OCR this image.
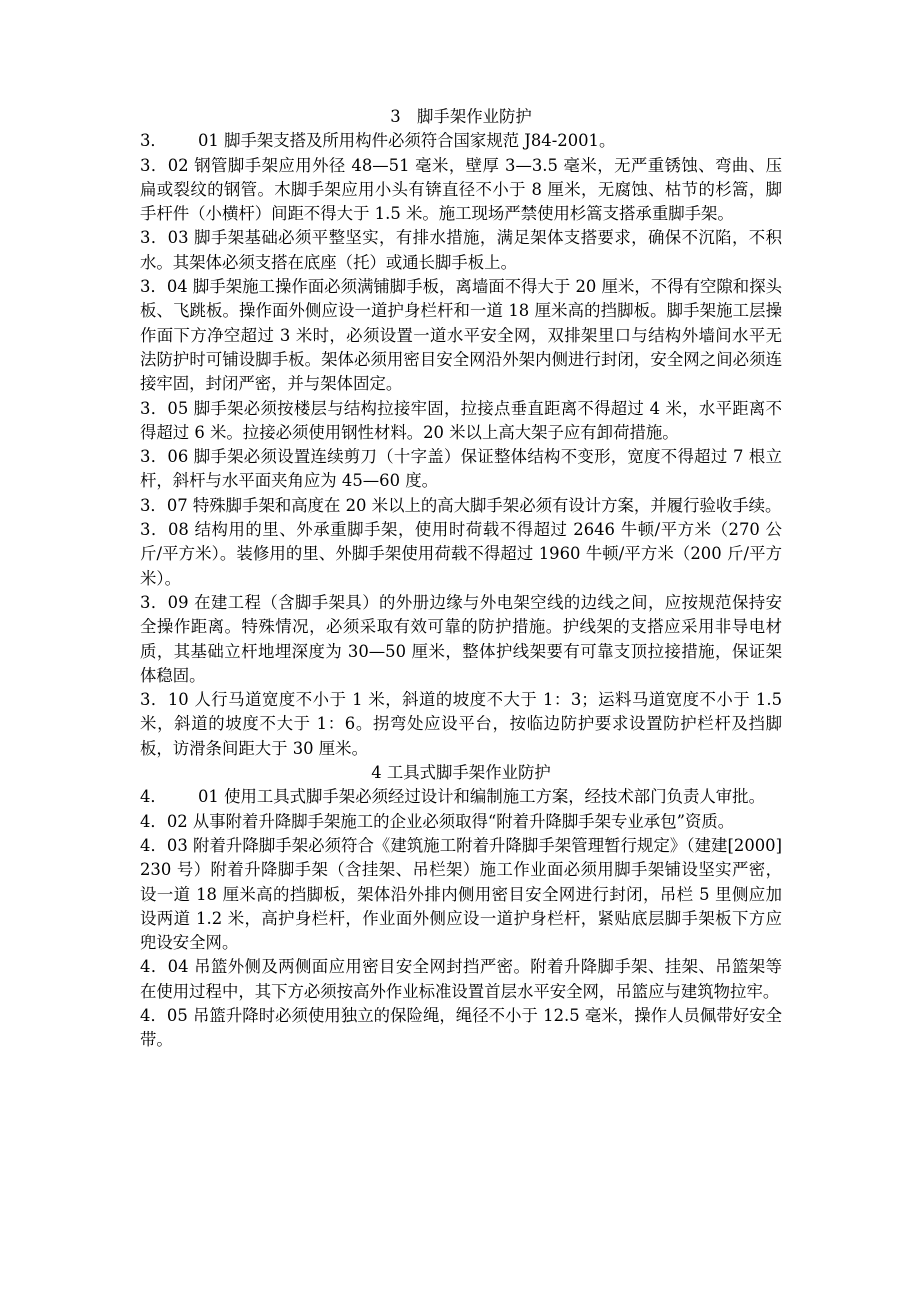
3　脚手架作业防护
3．	01 脚手架支搭及所用构件必须符合国家规范 J84-2001。

3．02 钢管脚手架应用外径 48—51 毫米，壁厚 3—3.5 毫米，无严重锈蚀、弯曲、压扁或裂纹的钢管。木脚手架应用小头有锛直径不小于 8 厘米，无腐蚀、枯节的杉篙，脚手杆件（小横杆）间距不得大于 1.5 米。施工现场严禁使用杉篙支搭承重脚手架。

3．03 脚手架基础必须平整坚实，有排水措施，满足架体支搭要求，确保不沉陷，不积水。其架体必须支搭在底座（托）或通长脚手板上。

3．04 脚手架施工操作面必须满铺脚手板，离墙面不得大于 20 厘米，不得有空隙和探头板、飞跳板。操作面外侧应设一道护身栏杆和一道 18 厘米高的挡脚板。脚手架施工层操作面下方净空超过 3 米时，必须设置一道水平安全网，双排架里口与结构外墙间水平无法防护时可铺设脚手板。架体必须用密目安全网沿外架内侧进行封闭，安全网之间必须连接牢固，封闭严密，并与架体固定。

3．05 脚手架必须按楼层与结构拉接牢固，拉接点垂直距离不得超过 4 米，水平距离不得超过 6 米。拉接必须使用钢性材料。20 米以上高大架子应有卸荷措施。

3．06 脚手架必须设置连续剪刀（十字盖）保证整体结构不变形，宽度不得超过 7 根立杆，斜杆与水平面夹角应为 45—60 度。

3．07 特殊脚手架和高度在 20 米以上的高大脚手架必须有设计方案，并履行验收手续。

3．08 结构用的里、外承重脚手架，使用时荷载不得超过 2646 牛顿/平方米（270 公斤/平方米）。装修用的里、外脚手架使用荷载不得超过 1960 牛顿/平方米（200 斤/平方米）。

3．09 在建工程（含脚手架具）的外册边缘与外电架空线的边线之间，应按规范保持安全操作距离。特殊情况，必须采取有效可靠的防护措施。护线架的支搭应采用非导电材质，其基础立杆地埋深度为 30—50 厘米，整体护线架要有可靠支顶拉接措施，保证架体稳固。

3．10 人行马道宽度不小于 1 米，斜道的坡度不大于 1：3；运料马道宽度不小于 1.5 米，斜道的坡度不大于 1：6。拐弯处应设平台，按临边防护要求设置防护栏杆及挡脚板，访滑条间距大于 30 厘米。

4 工具式脚手架作业防护
4．	01 使用工具式脚手架必须经过设计和编制施工方案，经技术部门负责人审批。

4．02 从事附着升降脚手架施工的企业必须取得“附着升降脚手架专业承包”资质。

4．03 附着升降脚手架必须符合《建筑施工附着升降脚手架管理暂行规定》（建建[2000]230 号）附着升降脚手架（含挂架、吊栏架）施工作业面必须用脚手架铺设坚实严密，设一道 18 厘米高的挡脚板，架体沿外排内侧用密目安全网进行封闭，吊栏 5 里侧应加设两道 1.2 米，高护身栏杆，作业面外侧应设一道护身栏杆，紧贴底层脚手架板下方应兜设安全网。

4．04 吊篮外侧及两侧面应用密目安全网封挡严密。附着升降脚手架、挂架、吊篮架等在使用过程中，其下方必须按高外作业标准设置首层水平安全网，吊篮应与建筑物拉牢。

4．05 吊篮升降时必须使用独立的保险绳，绳径不小于 12.5 毫米，操作人员佩带好安全带。
